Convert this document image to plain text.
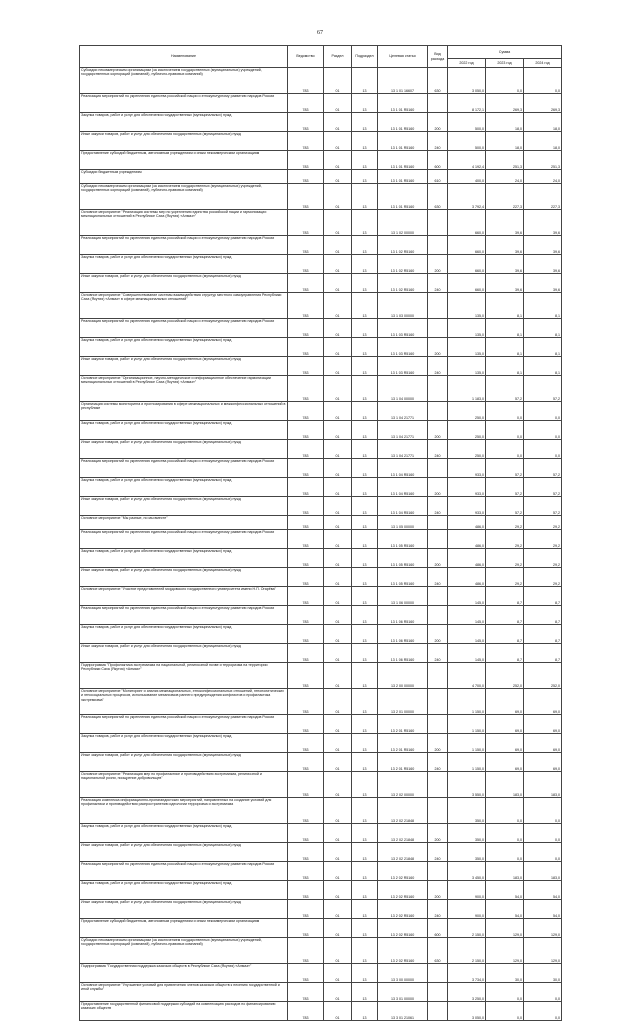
67
Наименование	Ведомство	Раздел	Подраздел	Целевая статья	Вид расхода	Сумма		
						2022 год	2023 год	2024 год
Субсидии некоммерческим организациям (за исключением государственных (муниципальных) учреждений, государственных корпораций (компаний), публично-правовых компаний)	783	01	13	13 1 01 16607	630	3 050,0	0,0	0,0
Реализация мероприятий по укреплению единства российской нации и этнокультурному развитию народов России	783	01	13	13 1 01 R5160		8 172,1	269,3	269,3
Закупка товаров, работ и услуг для обеспечения государственных (муниципальных) нужд	783	01	13	13 1 01 R5160	200	500,0	18,0	18,0
Иные закупки товаров, работ и услуг для обеспечения государственных (муниципальных) нужд	783	01	13	13 1 01 R5160	240	500,0	18,0	18,0
Предоставление субсидий бюджетным, автономным учреждениям и иным некоммерческим организациям	783	01	13	13 1 01 R5160	600	4 192,4	251,3	251,3
Субсидии бюджетным учреждениям	783	01	13	13 1 01 R5160	610	400,0	24,0	24,0
Субсидии некоммерческим организациям (за исключением государственных (муниципальных) учреждений, государственных корпораций (компаний), публично-правовых компаний)	783	01	13	13 1 01 R5160	630	3 792,4	227,3	227,3
Основное мероприятие "Реализация системы мер по укреплению единства российской нации и гармонизации межнациональных отношений в Республике Саха (Якутия) «Алмаз»"	783	01	13	13 1 02 00000		660,0	39,6	39,6
Реализация мероприятий по укреплению единства российской нации и этнокультурному развитию народов России	783	01	13	13 1 02 R5160		660,0	39,6	39,6
Закупка товаров, работ и услуг для обеспечения государственных (муниципальных) нужд	783	01	13	13 1 02 R5160	200	660,0	39,6	39,6
Иные закупки товаров, работ и услуг для обеспечения государственных (муниципальных) нужд	783	01	13	13 1 02 R5160	240	660,0	39,6	39,6
Основное мероприятие "Совершенствование системы взаимодействия структур местного самоуправления Республики Саха (Якутия) «Алмаз» в сфере межнациональных отношений"	783	01	13	13 1 03 00000		135,0	8,1	8,1
Реализация мероприятий по укреплению единства российской нации и этнокультурному развитию народов России	783	01	13	13 1 03 R5160		135,0	8,1	8,1
Закупка товаров, работ и услуг для обеспечения государственных (муниципальных) нужд	783	01	13	13 1 03 R5160	200	135,0	8,1	8,1
Иные закупки товаров, работ и услуг для обеспечения государственных (муниципальных) нужд	783	01	13	13 1 03 R5160	240	135,0	8,1	8,1
Основное мероприятие "Организационное, научно-методическое и информационное обеспечение гармонизации межнациональных отношений в Республике Саха (Якутия) «Алмаз»"	783	01	13	13 1 04 00000		1 183,0	57,2	57,2
Организация системы мониторинга и прогнозирования в сфере межнациональных и межконфессиональных отношений в республике	783	01	13	13 1 04 21771		250,0	0,0	0,0
Закупка товаров, работ и услуг для обеспечения государственных (муниципальных) нужд	783	01	13	13 1 04 21771	200	250,0	0,0	0,0
Иные закупки товаров, работ и услуг для обеспечения государственных (муниципальных) нужд	783	01	13	13 1 04 21771	240	250,0	0,0	0,0
Реализация мероприятий по укреплению единства российской нации и этнокультурному развитию народов России	783	01	13	13 1 04 R5160		933,0	57,2	57,2
Закупка товаров, работ и услуг для обеспечения государственных (муниципальных) нужд	783	01	13	13 1 04 R5160	200	933,0	57,2	57,2
Иные закупки товаров, работ и услуг для обеспечения государственных (муниципальных) нужд	783	01	13	13 1 04 R5160	240	933,0	57,2	57,2
Основное мероприятие "Мы разные, но мы вместе"	783	01	13	13 1 05 00000		486,0	29,2	29,2
Реализация мероприятий по укреплению единства российской нации и этнокультурному развитию народов России	783	01	13	13 1 05 R5160		486,0	29,2	29,2
Закупка товаров, работ и услуг для обеспечения государственных (муниципальных) нужд	783	01	13	13 1 05 R5160	200	486,0	29,2	29,2
Иные закупки товаров, работ и услуг для обеспечения государственных (муниципальных) нужд	783	01	13	13 1 05 R5160	240	486,0	29,2	29,2
Основное мероприятие "Участие представителей мордовского государственного университета имени Н.П. Огарёва"	783	01	13	13 1 06 00000		145,0	8,7	8,7
Реализация мероприятий по укреплению единства российской нации и этнокультурному развитию народов России	783	01	13	13 1 06 R5160		145,0	8,7	8,7
Закупка товаров, работ и услуг для обеспечения государственных (муниципальных) нужд	783	01	13	13 1 06 R5160	200	145,0	8,7	8,7
Иные закупки товаров, работ и услуг для обеспечения государственных (муниципальных) нужд	783	01	13	13 1 06 R5160	240	145,0	8,7	8,7
Подпрограмма "Профилактика экстремизма на национальной, религиозной почве и терроризма на территории Республики Саха (Якутия) «Алмаз»"	783	01	13	13 2 00 00000		4 700,0	252,0	252,0
Основное мероприятие "Мониторинг и анализ межнациональных, этноконфессиональных отношений, этнополитических и этносоциальных процессов, использование механизмов раннего предупреждения конфликтов и профилактика экстремизма"	783	01	13	13 2 01 00000		1 150,0	69,0	69,0
Реализация мероприятий по укреплению единства российской нации и этнокультурному развитию народов России	783	01	13	13 2 01 R5160		1 150,0	69,0	69,0
Закупка товаров, работ и услуг для обеспечения государственных (муниципальных) нужд	783	01	13	13 2 01 R5160	200	1 150,0	69,0	69,0
Иные закупки товаров, работ и услуг для обеспечения государственных (муниципальных) нужд	783	01	13	13 2 01 R5160	240	1 150,0	69,0	69,0
Основное мероприятие "Реализация мер по профилактике и противодействию экстремизма, религиозной и национальной розни, поощрение добровольцев"	783	01	13	13 2 02 00000		3 550,0	183,0	183,0
Реализация комплекса информационно-пропагандистских мероприятий, направленных на создание условий для профилактики и противодействия распространению идеологии терроризма и экстремизма	783	01	13	13 2 02 21848		350,0	0,0	0,0
Закупка товаров, работ и услуг для обеспечения государственных (муниципальных) нужд	783	01	13	13 2 02 21848	200	350,0	0,0	0,0
Иные закупки товаров, работ и услуг для обеспечения государственных (муниципальных) нужд	783	01	13	13 2 02 21848	240	350,0	0,0	0,0
Реализация мероприятий по укреплению единства российской нации и этнокультурному развитию народов России	783	01	13	13 2 02 R5160		3 450,0	183,0	183,0
Закупка товаров, работ и услуг для обеспечения государственных (муниципальных) нужд	783	01	13	13 2 02 R5160	200	900,0	54,0	54,0
Иные закупки товаров, работ и услуг для обеспечения государственных (муниципальных) нужд	783	01	13	13 2 02 R5160	240	900,0	54,0	54,0
Предоставление субсидий бюджетным, автономным учреждениям и иным некоммерческим организациям	783	01	13	13 2 02 R5160	600	2 150,0	129,0	129,0
Субсидии некоммерческим организациям (за исключением государственных (муниципальных) учреждений, государственных корпораций (компаний), публично-правовых компаний)	783	01	13	13 2 02 R5160	630	2 150,0	129,0	129,0
Подпрограмма "Государственная поддержка казачьих обществ в Республике Саха (Якутия) «Алмаз»"	783	01	13	13 3 00 00000		3 734,0	30,0	30,0
Основное мероприятие "Улучшение условий для привлечения членов казачьих обществ к несению государственной и иной службы"	783	01	13	13 3 01 00000		3 250,0	0,0	0,0
Предоставление государственной финансовой поддержки субсидий на компенсацию расходов по финансированию казачьих обществ	783	01	13	13 3 01 21061		3 050,0	0,0	0,0
